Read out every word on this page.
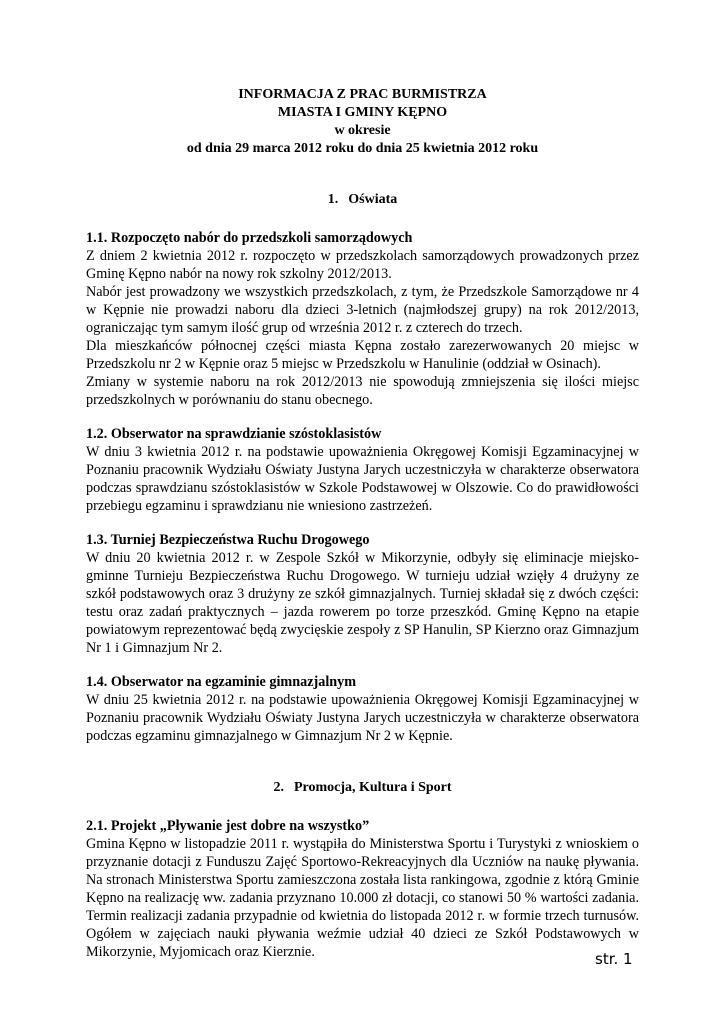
INFORMACJA Z PRAC BURMISTRZA
MIASTA I GMINY KĘPNO
w okresie
od dnia 29 marca 2012 roku do dnia 25 kwietnia 2012 roku
1. Oświata
1.1. Rozpoczęto nabór do przedszkoli samorządowych
Z dniem 2 kwietnia 2012 r. rozpoczęto w przedszkolach samorządowych prowadzonych przez Gminę Kępno nabór na nowy rok szkolny 2012/2013.
Nabór jest prowadzony we wszystkich przedszkolach, z tym, że Przedszkole Samorządowe nr 4 w Kępnie nie prowadzi naboru dla dzieci 3-letnich (najmłodszej grupy) na rok 2012/2013, ograniczając tym samym ilość grup od września 2012 r. z czterech do trzech.
Dla mieszkańców północnej części miasta Kępna zostało zarezerwowanych 20 miejsc w Przedszkolu nr 2 w Kępnie oraz 5 miejsc w Przedszkolu w Hanulinie (oddział w Osinach).
Zmiany w systemie naboru na rok 2012/2013 nie spowodują zmniejszenia się ilości miejsc przedszkolnych w porównaniu do stanu obecnego.
1.2. Obserwator na sprawdzianie szóstoklasistów
W dniu 3 kwietnia 2012 r. na podstawie upoważnienia Okręgowej Komisji Egzaminacyjnej w Poznaniu pracownik Wydziału Oświaty Justyna Jarych uczestniczyła w charakterze obserwatora podczas sprawdzianu szóstoklasistów w Szkole Podstawowej w Olszowie. Co do prawidłowości przebiegu egzaminu i sprawdzianu nie wniesiono zastrzeżeń.
1.3. Turniej Bezpieczeństwa Ruchu Drogowego
W dniu 20 kwietnia 2012 r. w Zespole Szkół w Mikorzynie, odbyły się eliminacje miejsko-gminne Turnieju Bezpieczeństwa Ruchu Drogowego. W turnieju udział wzięły 4 drużyny ze szkół podstawowych oraz 3 drużyny ze szkół gimnazjalnych. Turniej składał się z dwóch części: testu oraz zadań praktycznych – jazda rowerem po torze przeszkód. Gminę Kępno na etapie powiatowym reprezentować będą zwycięskie zespoły z SP Hanulin, SP Kierzno oraz Gimnazjum Nr 1 i Gimnazjum Nr 2.
1.4. Obserwator na egzaminie gimnazjalnym
W dniu 25 kwietnia 2012 r. na podstawie upoważnienia Okręgowej Komisji Egzaminacyjnej w Poznaniu pracownik Wydziału Oświaty Justyna Jarych uczestniczyła w charakterze obserwatora podczas egzaminu gimnazjalnego w Gimnazjum Nr 2 w Kępnie.
2. Promocja, Kultura i Sport
2.1. Projekt „Pływanie jest dobre na wszystko”
Gmina Kępno w listopadzie 2011 r. wystąpiła do Ministerstwa Sportu i Turystyki z wnioskiem o przyznanie dotacji z Funduszu Zajęć Sportowo-Rekreacyjnych dla Uczniów na naukę pływania. Na stronach Ministerstwa Sportu zamieszczona została lista rankingowa, zgodnie z którą Gminie Kępno na realizację ww. zadania przyznano 10.000 zł dotacji, co stanowi 50 % wartości zadania. Termin realizacji zadania przypadnie od kwietnia do listopada 2012 r. w formie trzech turnusów. Ogółem w zajęciach nauki pływania weźmie udział 40 dzieci ze Szkół Podstawowych w Mikorzynie, Myjomicach oraz Kierznie.	str. 1
